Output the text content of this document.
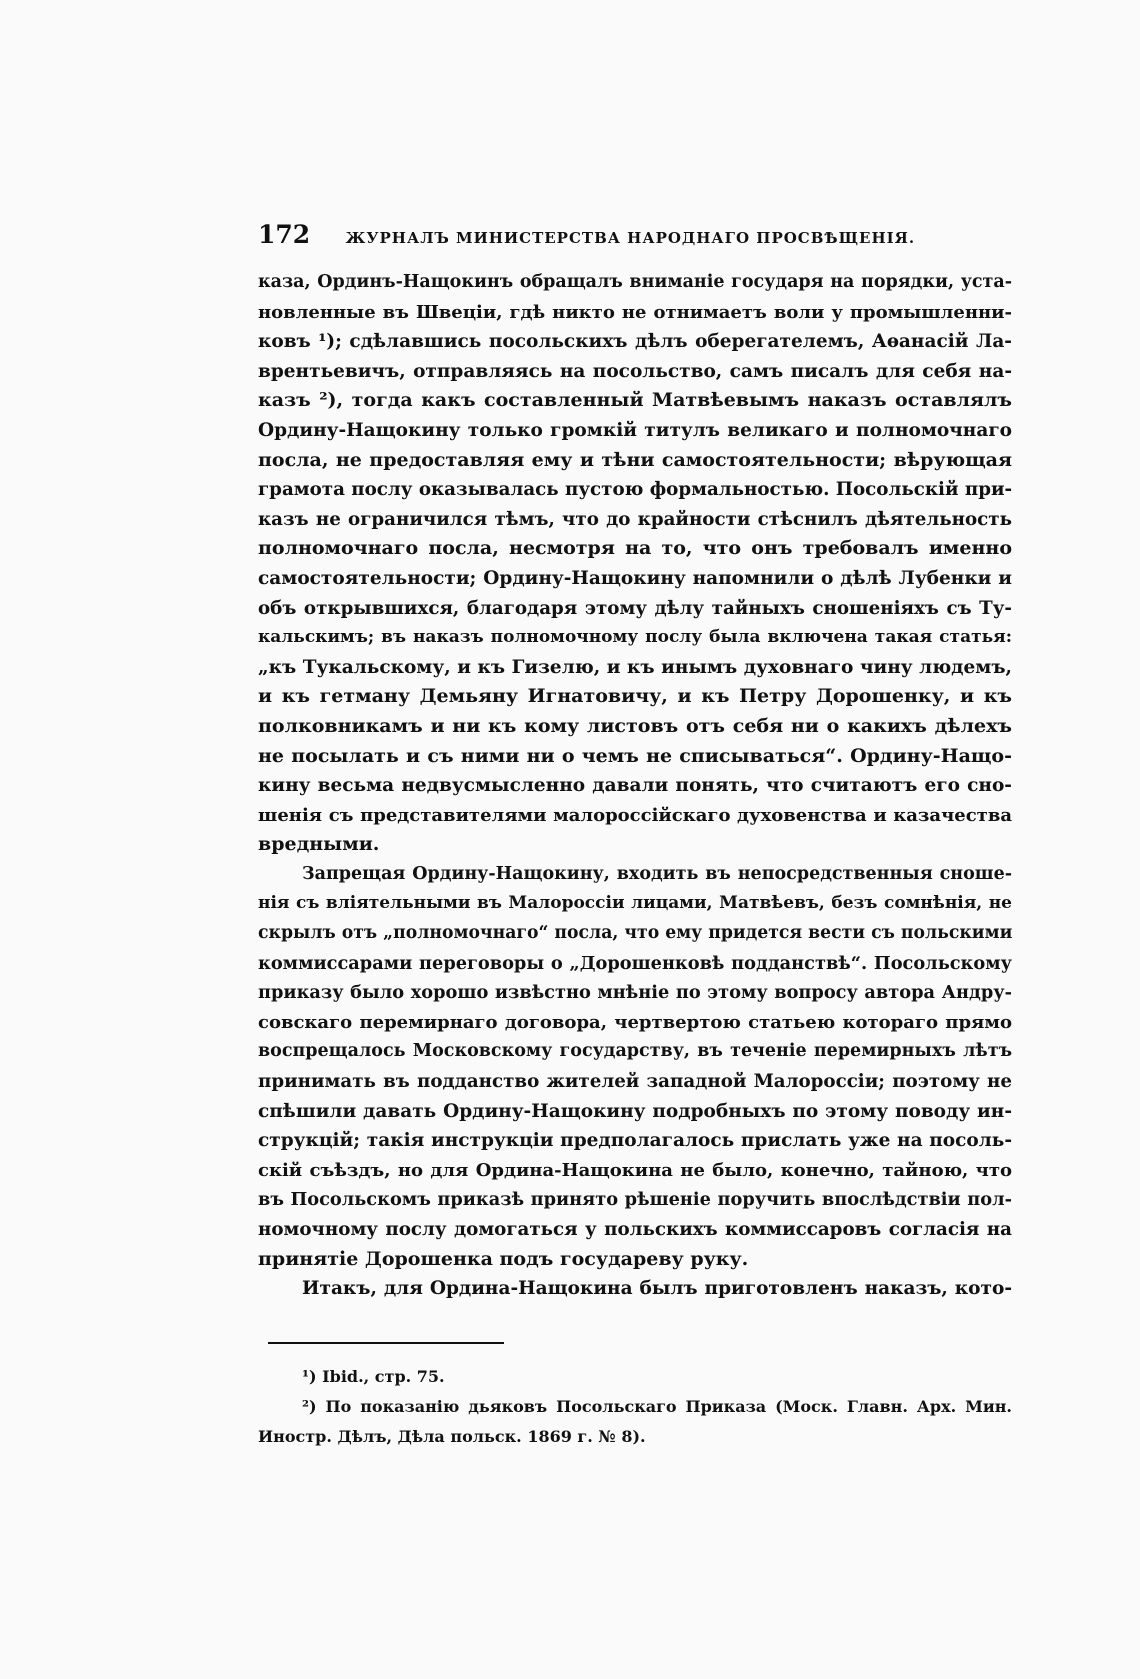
172 ЖУРНАЛЪ МИНИСТЕРСТВА НАРОДНАГО ПРОСВѢЩЕНІЯ.
каза, Ординъ-Нащокинъ обращалъ вниманіе государя на порядки, уста-
новленные въ Швеціи, гдѣ никто не отнимаетъ воли у промышленни-
ковъ ¹); сдѣлавшись посольскихъ дѣлъ оберегателемъ, Аѳанасій Ла-
врентьевичъ, отправляясь на посольство, самъ писалъ для себя на-
казъ ²), тогда какъ составленный Матвѣевымъ наказъ оставлялъ
Ордину-Нащокину только громкій титулъ великаго и полномочнаго
посла, не предоставляя ему и тѣни самостоятельности; вѣрующая
грамота послу оказывалась пустою формальностью. Посольскій при-
казъ не ограничился тѣмъ, что до крайности стѣснилъ дѣятельность
полномочнаго посла, несмотря на то, что онъ требовалъ именно
самостоятельности; Ордину-Нащокину напомнили о дѣлѣ Лубенки и
объ открывшихся, благодаря этому дѣлу тайныхъ сношеніяхъ съ Ту-
кальскимъ; въ наказъ полномочному послу была включена такая статья:
„къ Тукальскому, и къ Гизелю, и къ инымъ духовнаго чину людемъ,
и къ гетману Демьяну Игнатовичу, и къ Петру Дорошенку, и къ
полковникамъ и ни къ кому листовъ отъ себя ни о какихъ дѣлехъ
не посылать и съ ними ни о чемъ не списываться“. Ордину-Нащо-
кину весьма недвусмысленно давали понять, что считаютъ его сно-
шенія съ представителями малороссійскаго духовенства и казачества
вредными.
Запрещая Ордину-Нащокину, входить въ непосредственныя сноше-
нія съ вліятельными въ Малороссіи лицами, Матвѣевъ, безъ сомнѣнія, не
скрылъ отъ „полномочнаго“ посла, что ему придется вести съ польскими
коммиссарами переговоры о „Дорошенковѣ подданствѣ“. Посольскому
приказу было хорошо извѣстно мнѣніе по этому вопросу автора Андру-
совскаго перемирнаго договора, чертвертою статьею котораго прямо
воспрещалось Московскому государству, въ теченіе перемирныхъ лѣтъ
принимать въ подданство жителей западной Малороссіи; поэтому не
спѣшили давать Ордину-Нащокину подробныхъ по этому поводу ин-
струкцій; такія инструкціи предполагалось прислать уже на посоль-
скій съѣздъ, но для Ордина-Нащокина не было, конечно, тайною, что
въ Посольскомъ приказѣ принято рѣшеніе поручить впослѣдствіи пол-
номочному послу домогаться у польскихъ коммиссаровъ согласія на
принятіе Дорошенка подъ государеву руку.
Итакъ, для Ордина-Нащокина былъ приготовленъ наказъ, кото-
¹) Ibid., стр. 75.
²) По показанію дьяковъ Посольскаго Приказа (Моск. Главн. Арх. Мин.
Иностр. Дѣлъ, Дѣла польск. 1869 г. № 8).
